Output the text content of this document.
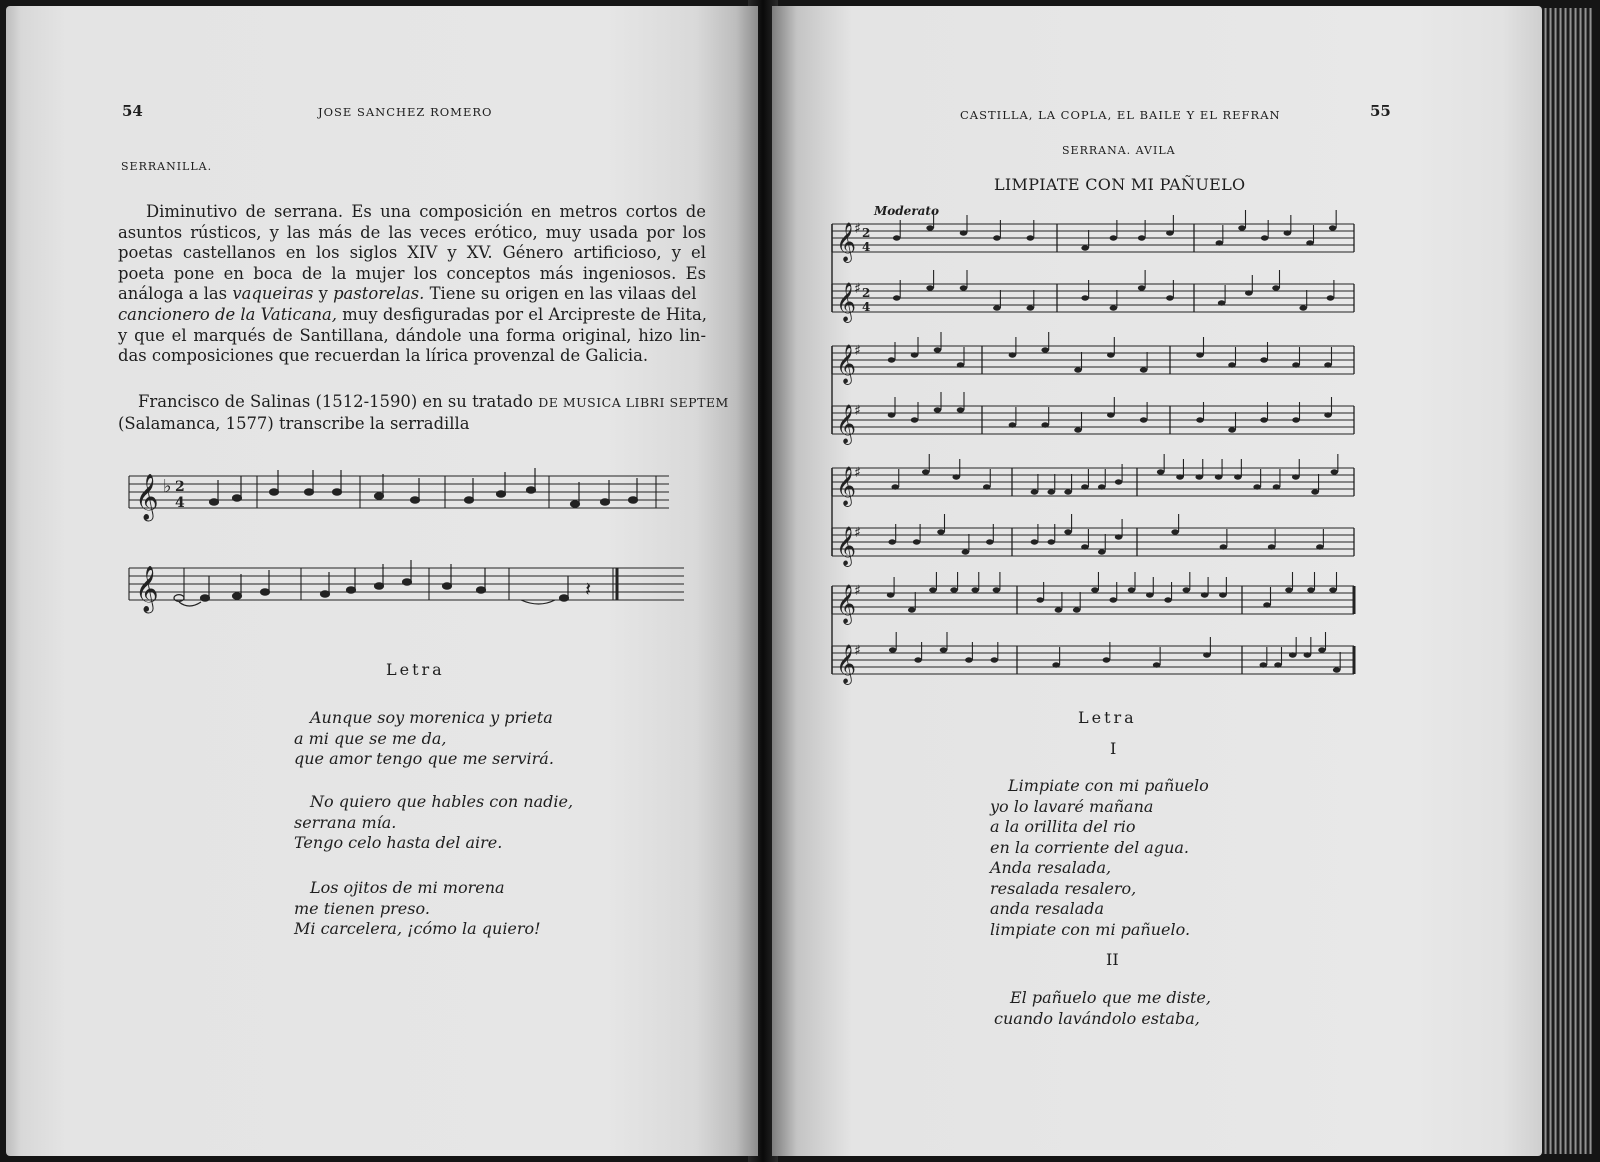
54	JOSE SANCHEZ ROMERO
SERRANILLA.
Diminutivo de serrana. Es una composición en metros cortos de
asuntos rústicos, y las más de las veces erótico, muy usada por los
poetas castellanos en los siglos XIV y XV. Género artificioso, y el
poeta pone en boca de la mujer los conceptos más ingeniosos. Es
análoga a las vaqueiras y pastorelas. Tiene su origen en las vilaas del
cancionero de la Vaticana, muy desfiguradas por el Arcipreste de Hita,
y que el marqués de Santillana, dándole una forma original, hizo lin-
das composiciones que recuerdan la lírica provenzal de Galicia.
Francisco de Salinas (1512-1590) en su tratado DE MUSICA LIBRI SEPTEM
(Salamanca, 1577) transcribe la serradilla
𝄞 ♭ 2
4
𝄞	𝄽
Letra
Aunque soy morenica y prieta
a mi que se me da,
que amor tengo que me servirá.
No quiero que hables con nadie,
serrana mía.
Tengo celo hasta del aire.
Los ojitos de mi morena
me tienen preso.
Mi carcelera, ¡cómo la quiero!
CASTILLA, LA COPLA, EL BAILE Y EL REFRAN	55
SERRANA. AVILA
LIMPIATE CON MI PAÑUELO
Moderato
𝄞
♯ 2
4
𝄞
♯ 2
4
𝄞
♯
𝄞
♯
𝄞
♯
𝄞
♯
𝄞
♯
𝄞
♯
Letra
I
Limpiate con mi pañuelo
yo lo lavaré mañana
a la orillita del rio
en la corriente del agua.
Anda resalada,
resalada resalero,
anda resalada
limpiate con mi pañuelo.
II
El pañuelo que me diste,
cuando lavándolo estaba,
